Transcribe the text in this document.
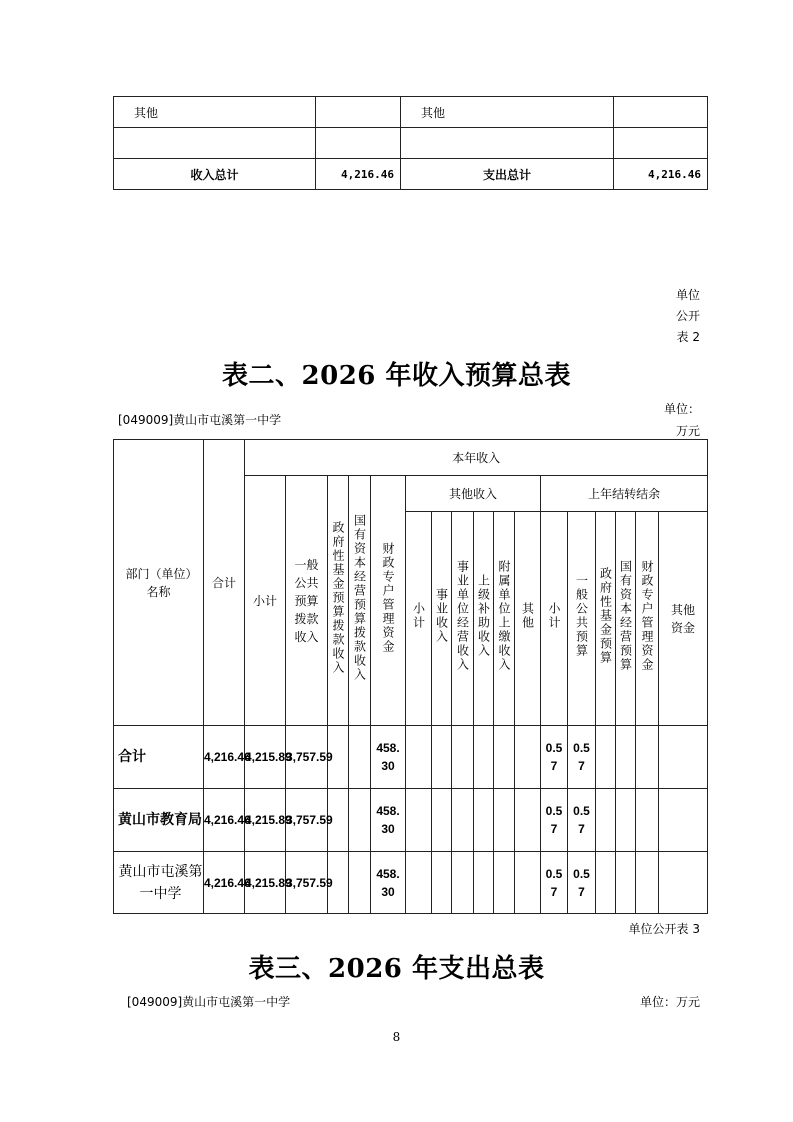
其他		其他	

收入总计	4,216.46	支出总计	4,216.46
单位
公开
表 2
表二、2026 年收入预算总表
[049009]黄山市屯溪第一中学
单位：
万元
部门（单位）名称	合计	本年收入																
		小计	一般公共预算拨款收入	政府性基金预算拨款收入	国有资本经营预算拨款收入	财政专户管理资金	其他收入						上年结转结余					
							小计	事业收入	事业单位经营收入	上级补助收入	附属单位上缴收入	其他	小计	一般公共预算	政府性基金预算	国有资本经营预算	财政专户管理资金	其他资金
合计	4,216.46	4,215.89	3,757.59			458.30							0.57	0.57				
黄山市教育局	4,216.46	4,215.89	3,757.59			458.30							0.57	0.57				
黄山市屯溪第一中学	4,216.46	4,215.89	3,757.59			458.30							0.57	0.57				
单位公开表 3
表三、2026 年支出总表
[049009]黄山市屯溪第一中学	单位：万元
8
